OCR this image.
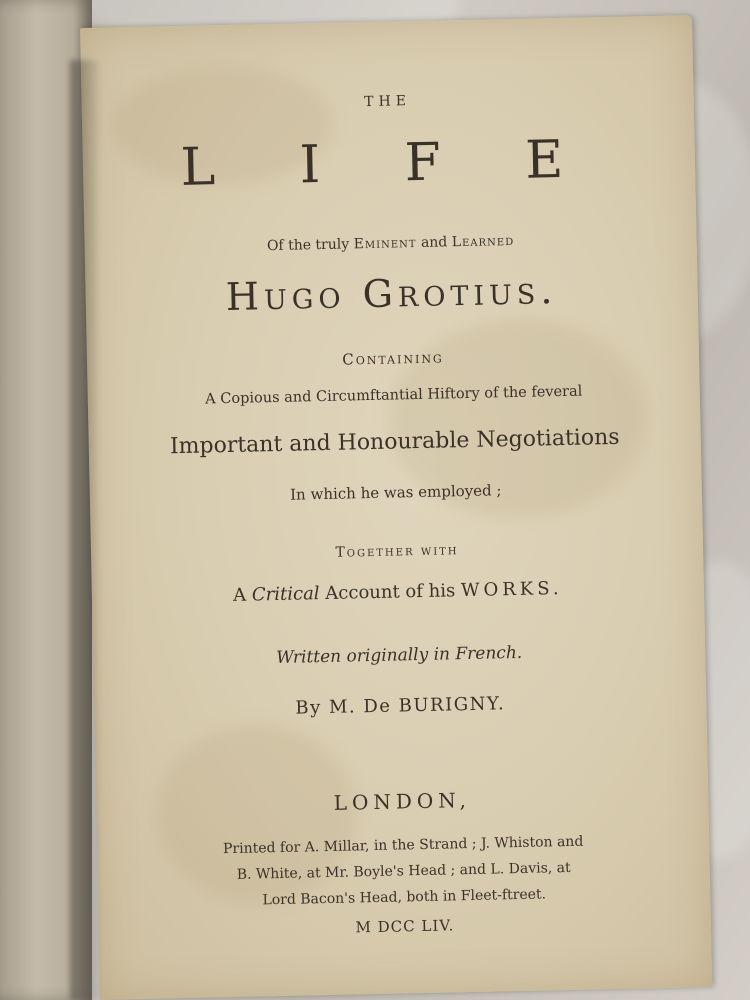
THE
L I F E
Of the truly Eminent and Learned
Hugo Grotius.
Containing
A Copious and Circumftantial Hiftory of the feveral
Important and Honourable Negotiations
In which he was employed ;
Together with
A Critical Account of his WORKS.
Written originally in French.
By M. De BURIGNY.
LONDON,
Printed for A. Millar, in the Strand ; J. Whiston and
B. White, at Mr. Boyle's Head ; and L. Davis, at
Lord Bacon's Head, both in Fleet-ftreet.
M DCC LIV.
